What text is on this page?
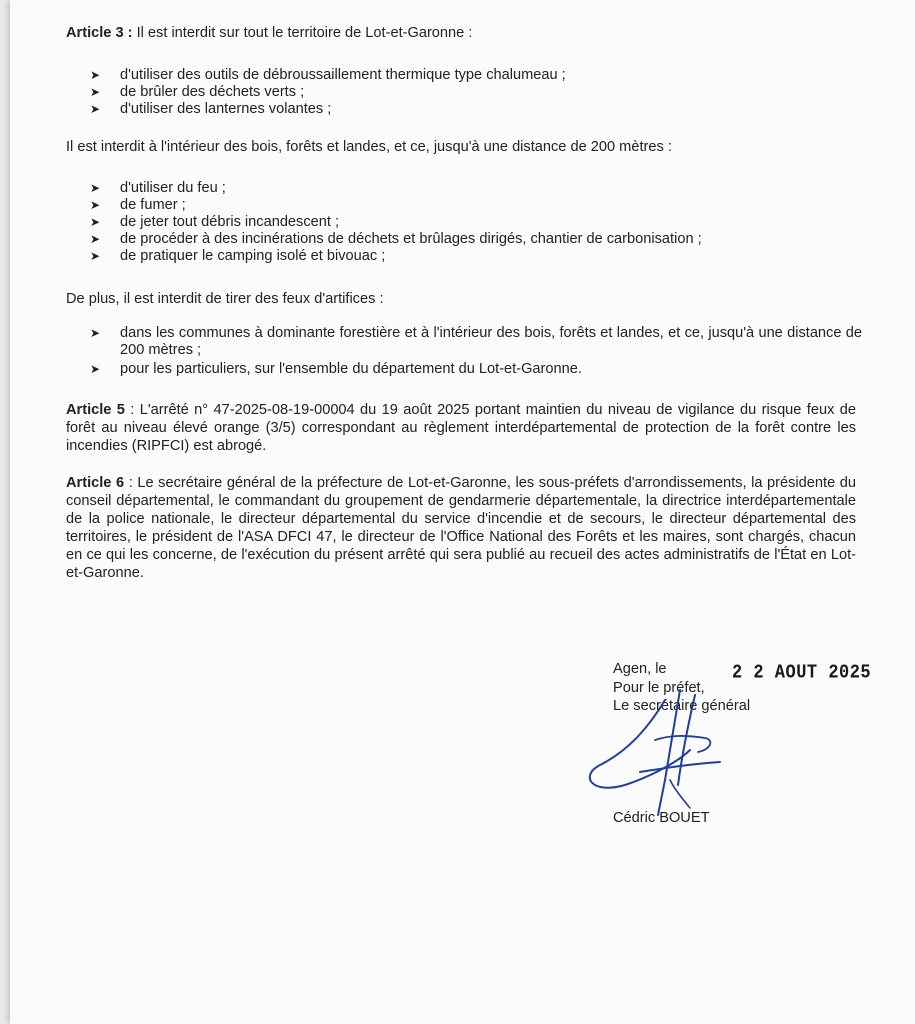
Article 3 : Il est interdit sur tout le territoire de Lot-et-Garonne :
➤ d'utiliser des outils de débroussaillement thermique type chalumeau ;
➤ de brûler des déchets verts ;
➤ d'utiliser des lanternes volantes ;
Il est interdit à l'intérieur des bois, forêts et landes, et ce, jusqu'à une distance de 200 mètres :
➤ d'utiliser du feu ;
➤ de fumer ;
➤ de jeter tout débris incandescent ;
➤ de procéder à des incinérations de déchets et brûlages dirigés, chantier de carbonisation ;
➤ de pratiquer le camping isolé et bivouac ;
De plus, il est interdit de tirer des feux d'artifices :
➤ dans les communes à dominante forestière et à l'intérieur des bois, forêts et landes, et ce, jusqu'à une distance de 200 mètres ;
➤ pour les particuliers, sur l'ensemble du département du Lot-et-Garonne.
Article 5 : L'arrêté n° 47-2025-08-19-00004 du 19 août 2025 portant maintien du niveau de vigilance du risque feux de forêt au niveau élevé orange (3/5) correspondant au règlement interdépartemental de protection de la forêt contre les incendies (RIPFCI) est abrogé.
Article 6 : Le secrétaire général de la préfecture de Lot-et-Garonne, les sous-préfets d'arrondissements, la présidente du conseil départemental, le commandant du groupement de gendarmerie départementale, la directrice interdépartementale de la police nationale, le directeur départemental du service d'incendie et de secours, le directeur départemental des territoires, le président de l'ASA DFCI 47, le directeur de l'Office National des Forêts et les maires, sont chargés, chacun en ce qui les concerne, de l'exécution du présent arrêté qui sera publié au recueil des actes administratifs de l'État en Lot-et-Garonne.
Agen, le	2 2 AOUT 2025
Pour le préfet,
Le secrétaire général
Cédric BOUET
